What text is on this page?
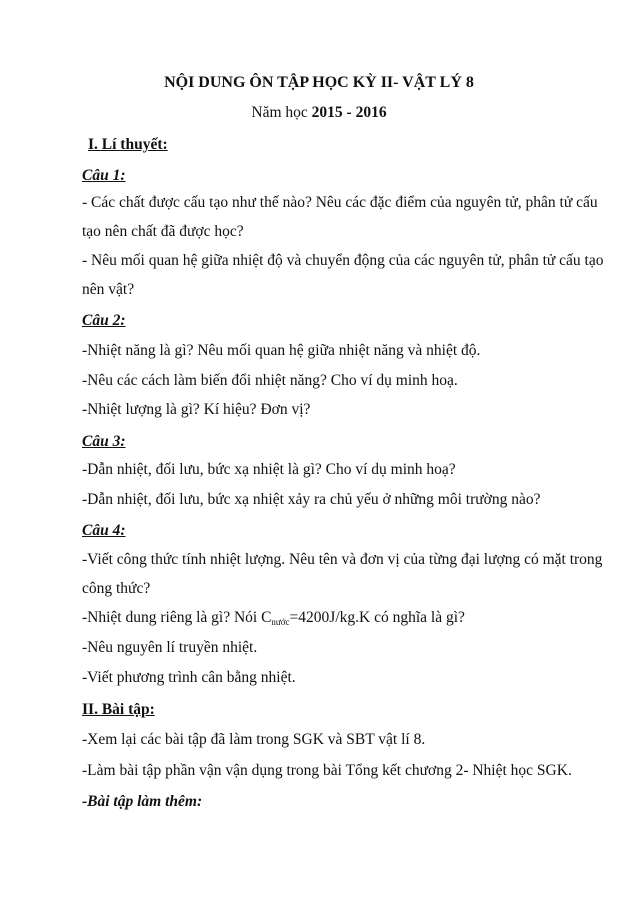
NỘI DUNG ÔN TẬP HỌC KỲ II- VẬT LÝ 8
Năm học 2015 - 2016
I. Lí thuyết:
Câu 1:
- Các chất được cấu tạo như thế nào? Nêu các đặc điểm của nguyên tử, phân tử cấu
tạo nên chất đã được học?
- Nêu mối quan hệ giữa nhiệt độ và chuyển động của các nguyên tử, phân tử cấu tạo
nên vật?
Câu 2:
-Nhiệt năng là gì? Nêu mối quan hệ giữa nhiệt năng và nhiệt độ.
-Nêu các cách làm biến đổi nhiệt năng? Cho ví dụ minh hoạ.
-Nhiệt lượng là gì? Kí hiệu? Đơn vị?
Câu 3:
-Dẫn nhiệt, đối lưu, bức xạ nhiệt là gì? Cho ví dụ minh hoạ?
-Dẫn nhiệt, đối lưu, bức xạ nhiệt xảy ra chủ yếu ở những môi trường nào?
Câu 4:
-Viết công thức tính nhiệt lượng. Nêu tên và đơn vị của từng đại lượng có mặt trong
công thức?
-Nhiệt dung riêng là gì? Nói $C_{nước}=4200J/kg.K$ có nghĩa là gì?
-Nêu nguyên lí truyền nhiệt.
-Viết phương trình cân bằng nhiệt.
II. Bài tập:
-Xem lại các bài tập đã làm trong SGK và SBT vật lí 8.
-Làm bài tập phần vận vận dụng trong bài Tổng kết chương 2- Nhiệt học SGK.
-Bài tập làm thêm:
